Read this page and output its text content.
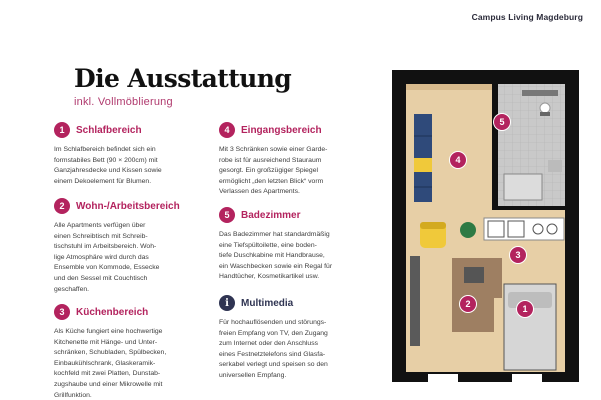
Campus Living Magdeburg
Die Ausstattung
inkl. Vollmöblierung
1	Schlafbereich

Im Schlafbereich befindet sich ein
formstabiles Bett (90 × 200cm) mit
Ganzjahresdecke und Kissen sowie
einem Dekoelement für Blumen.

2	Wohn-/Arbeitsbereich

Alle Apartments verfügen über
einen Schreibtisch mit Schreib-
tischstuhl im Arbeitsbereich. Woh-
lige Atmosphäre wird durch das
Ensemble von Kommode, Essecke
und den Sessel mit Couchtisch
geschaffen.

3	Küchenbereich

Als Küche fungiert eine hochwertige
Kitchenette mit Hänge- und Unter-
schränken, Schubladen, Spülbecken,
Einbaukühlschrank, Glaskeramik-
kochfeld mit zwei Platten, Dunstab-
zugshaube und einer Mikrowelle mit
Grillfunktion.

4	Eingangsbereich

Mit 3 Schränken sowie einer Garde-
robe ist für ausreichend Stauraum
gesorgt. Ein großzügiger Spiegel
ermöglicht „den letzten Blick“ vorm
Verlassen des Apartments.

5	Badezimmer

Das Badezimmer hat standardmäßig
eine Tiefspültoilette, eine boden-
tiefe Duschkabine mit Handbrause,
ein Waschbecken sowie ein Regal für
Handtücher, Kosmetikartikel usw.

i	Multimedia

Für hochauflösenden und störungs-
freien Empfang von TV, den Zugang
zum Internet oder den Anschluss
eines Festnetztelefons sind Glasfa-
serkabel verlegt und speisen so den
universellen Empfang.

5
4
3
2	1
